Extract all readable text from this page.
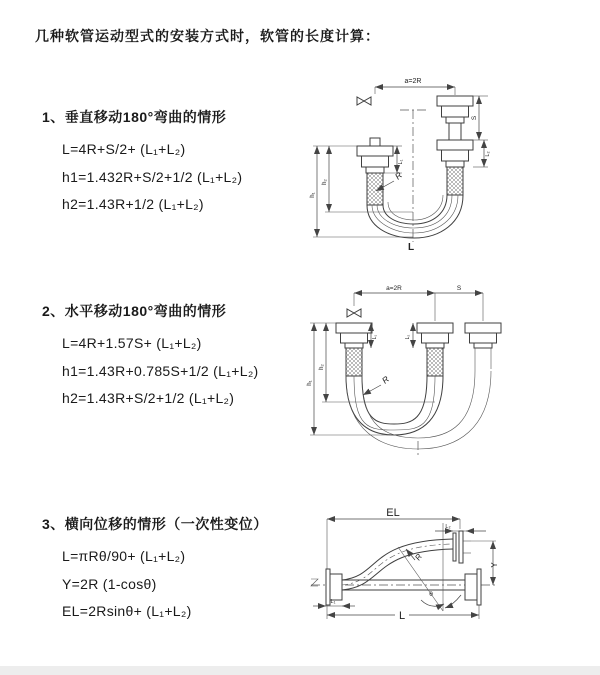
几种软管运动型式的安装方式时，软管的长度计算：

1、垂直移动180°弯曲的情形

L=4R+S/2+ (L₁+L₂)

h1=1.432R+S/2+1/2 (L₁+L₂)

h2=1.43R+1/2 (L₁+L₂)

2、水平移动180°弯曲的情形

L=4R+1.57S+ (L₁+L₂)

h1=1.43R+0.785S+1/2 (L₁+L₂)

h2=1.43R+S/2+1/2 (L₁+L₂)

3、横向位移的情形（一次性变位）

L=πRθ/90+ (L₁+L₂)

Y=2R (1-cosθ)

EL=2Rsinθ+ (L₁+L₂)

a=2R
h₁
h₂
L₁
S
L₂
R
L
a=2R	S
h₁
h₂
L₁	L₂
R
EL
L₂
Y
θ
R
L₁
L
